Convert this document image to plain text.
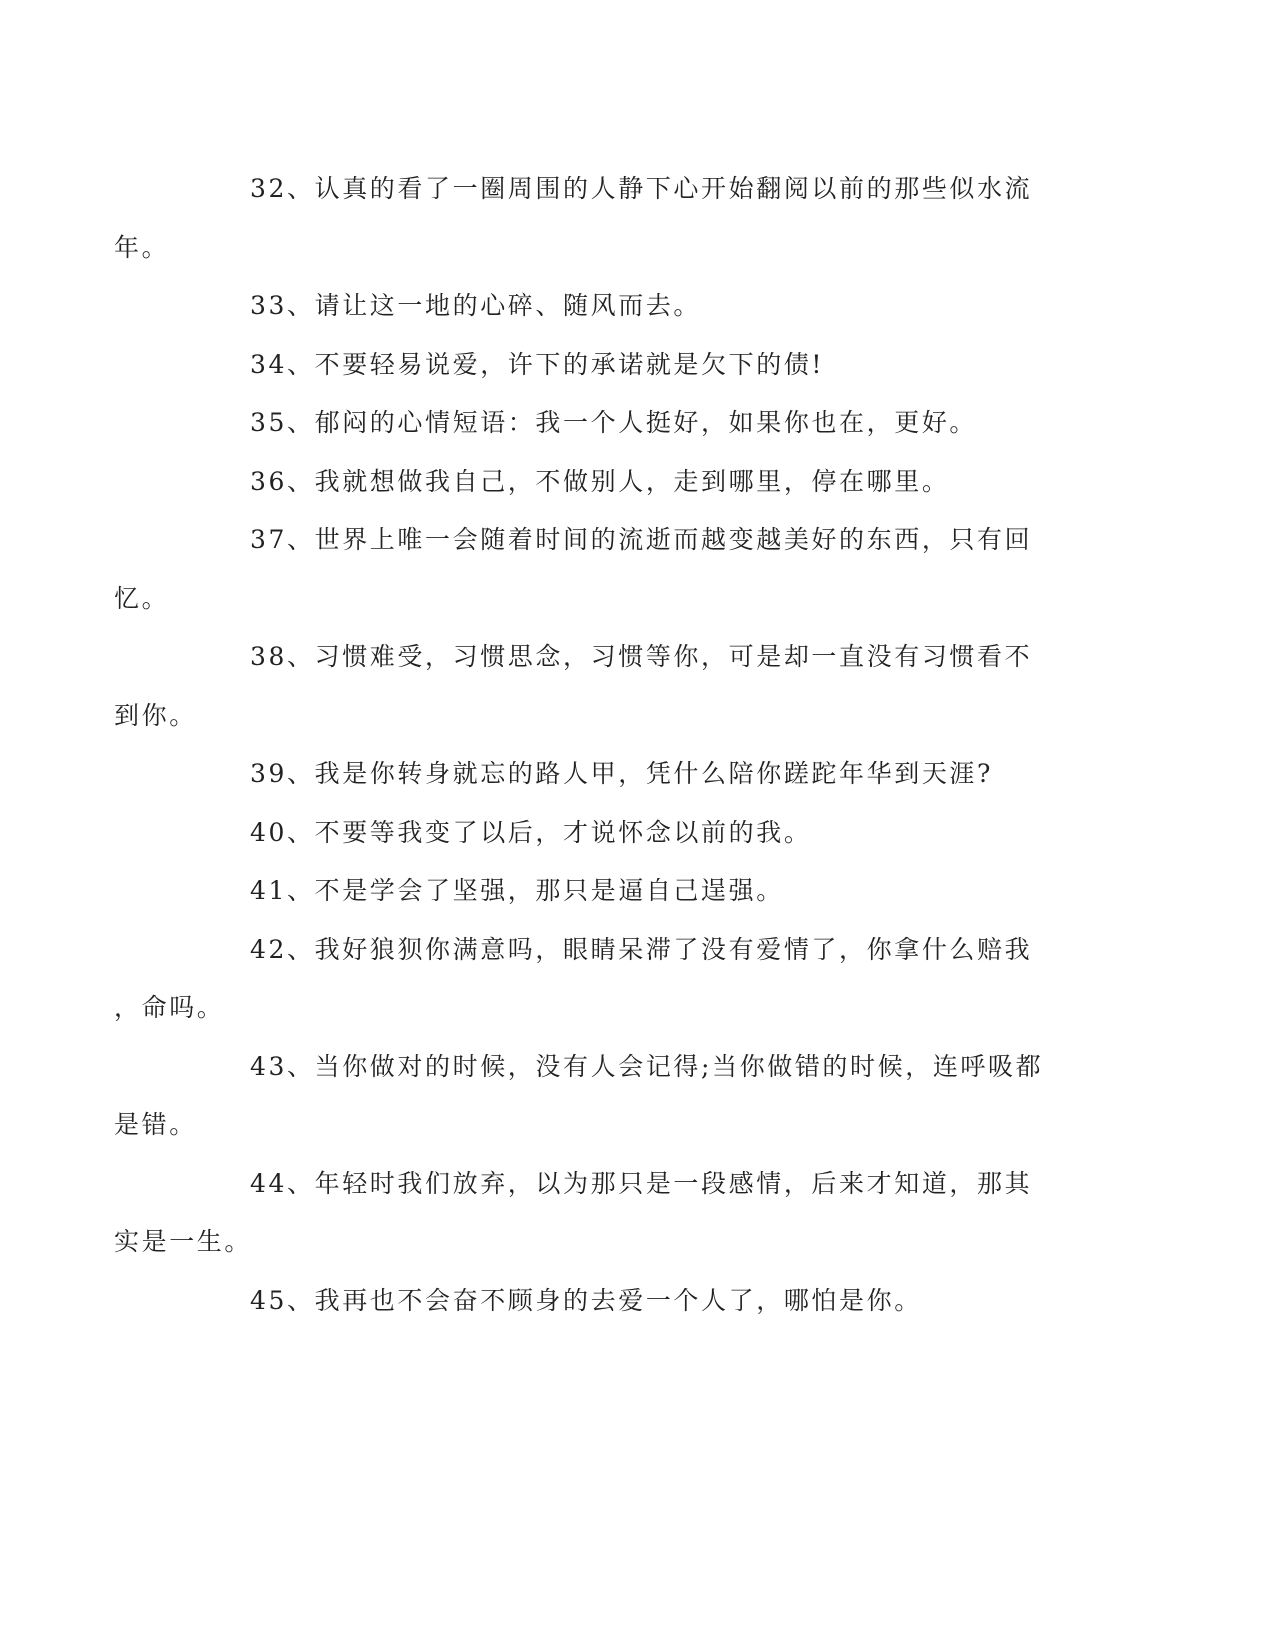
32、认真的看了一圈周围的人静下心开始翻阅以前的那些似水流
年。

33、请让这一地的心碎、随风而去。

34、不要轻易说爱，许下的承诺就是欠下的债!

35、郁闷的心情短语：我一个人挺好，如果你也在，更好。

36、我就想做我自己，不做别人，走到哪里，停在哪里。

37、世界上唯一会随着时间的流逝而越变越美好的东西，只有回
忆。

38、习惯难受，习惯思念，习惯等你，可是却一直没有习惯看不
到你。

39、我是你转身就忘的路人甲，凭什么陪你蹉跎年华到天涯?

40、不要等我变了以后，才说怀念以前的我。

41、不是学会了坚强，那只是逼自己逞强。

42、我好狼狈你满意吗，眼睛呆滞了没有爱情了，你拿什么赔我
，命吗。

43、当你做对的时候，没有人会记得;当你做错的时候，连呼吸都
是错。

44、年轻时我们放弃，以为那只是一段感情，后来才知道，那其
实是一生。

45、我再也不会奋不顾身的去爱一个人了，哪怕是你。
